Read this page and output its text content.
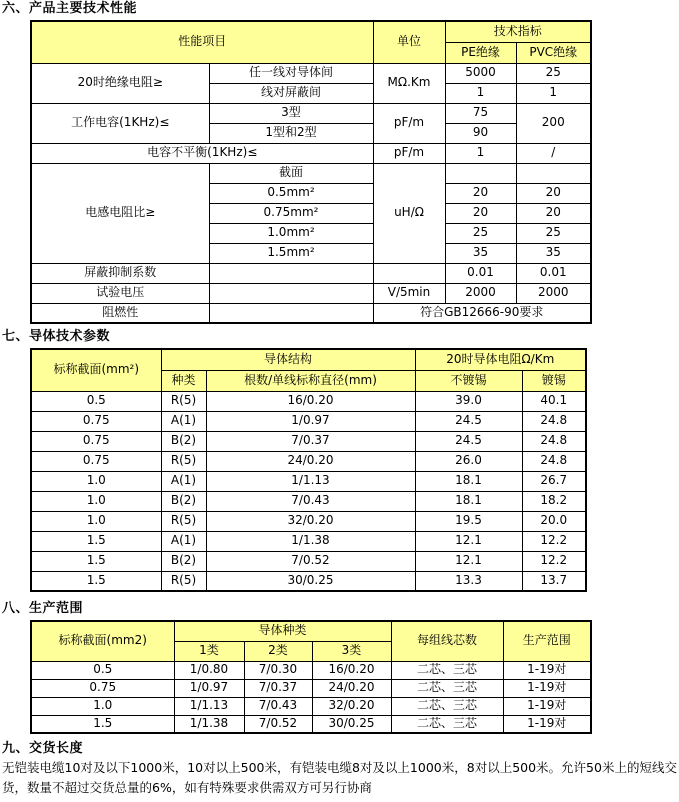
六、产品主要技术性能
性能项目		单位	技术指标	
			PE绝缘	PVC绝缘
20时绝缘电阻≥	任一线对导体间	MΩ.Km	5000	25
	线对屏蔽间		1	1
工作电容(1KHz)≤	3型	pF/m	75	200
	1型和2型		90	
电容不平衡(1KHz)≤		pF/m	1	/
电感电阻比≥	截面	uH/Ω		
	0.5mm²		20	20
	0.75mm²		20	20
	1.0mm²		25	25
	1.5mm²		35	35
屏蔽抑制系数			0.01	0.01
试验电压		V/5min	2000	2000
阻燃性		符合GB12666-90要求		
七、导体技术参数
标称截面(mm²)	导体结构		20时导体电阻Ω/Km	
	种类	根数/单线标称直径(mm)	不镀锡	镀锡
0.5	R(5)	16/0.20	39.0	40.1
0.75	A(1)	1/0.97	24.5	24.8
0.75	B(2)	7/0.37	24.5	24.8
0.75	R(5)	24/0.20	26.0	24.8
1.0	A(1)	1/1.13	18.1	26.7
1.0	B(2)	7/0.43	18.1	18.2
1.0	R(5)	32/0.20	19.5	20.0
1.5	A(1)	1/1.38	12.1	12.2
1.5	B(2)	7/0.52	12.1	12.2
1.5	R(5)	30/0.25	13.3	13.7
八、生产范围
标称截面(mm2)	导体种类			每组线芯数	生产范围
	1类	2类	3类		
0.5	1/0.80	7/0.30	16/0.20	二芯、三芯	1-19对
0.75	1/0.97	7/0.37	24/0.20	二芯、三芯	1-19对
1.0	1/1.13	7/0.43	32/0.20	二芯、三芯	1-19对
1.5	1/1.38	7/0.52	30/0.25	二芯、三芯	1-19对
九、交货长度

无铠装电缆10对及以下1000米，10对以上500米，有铠装电缆8对及以上1000米，8对以上500米。允许50米上的短线交货，数量不超过交货总量的6%，如有特殊要求供需双方可另行协商
